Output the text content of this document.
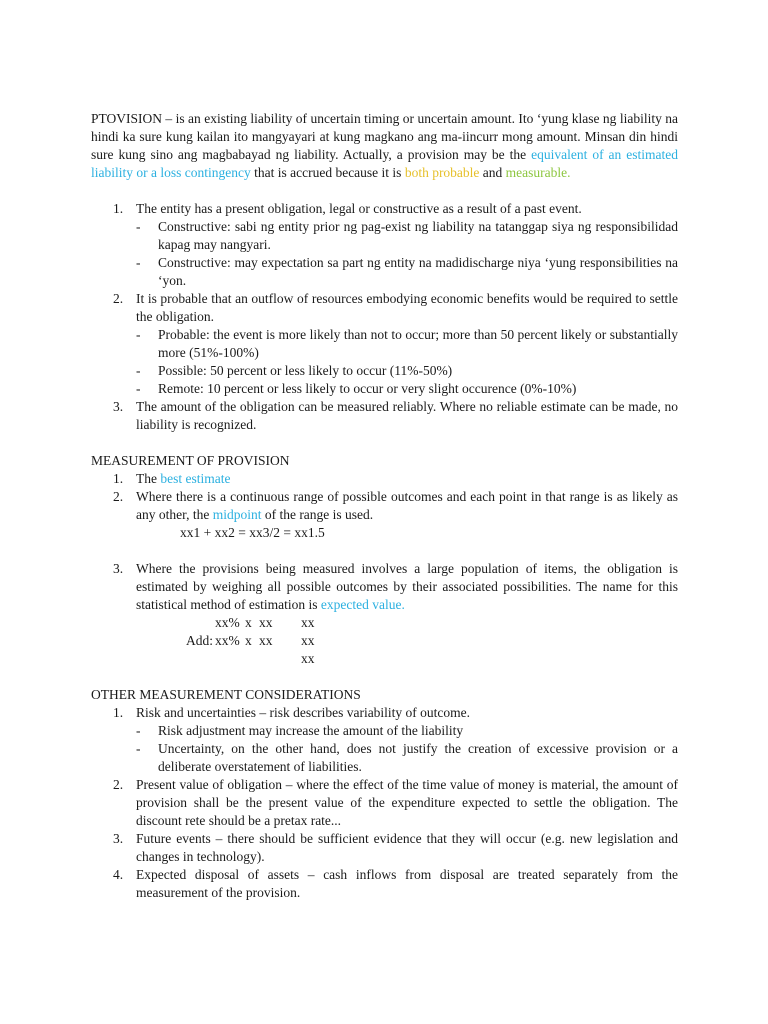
PTOVISION – is an existing liability of uncertain timing or uncertain amount. Ito ‘yung klase ng liability na hindi ka sure kung kailan ito mangyayari at kung magkano ang ma-iincurr mong amount. Minsan din hindi sure kung sino ang magbabayad ng liability. Actually, a provision may be the equivalent of an estimated liability or a loss contingency that is accrued because it is both probable and measurable.

1. The entity has a present obligation, legal or constructive as a result of a past event.
- Constructive: sabi ng entity prior ng pag-exist ng liability na tatanggap siya ng responsibilidad kapag may nangyari.
- Constructive: may expectation sa part ng entity na madidischarge niya ‘yung responsibilities na ‘yon.
2. It is probable that an outflow of resources embodying economic benefits would be required to settle the obligation.
- Probable: the event is more likely than not to occur; more than 50 percent likely or substantially more (51%-100%)
- Possible: 50 percent or less likely to occur (11%-50%)
- Remote: 10 percent or less likely to occur or very slight occurence (0%-10%)
3. The amount of the obligation can be measured reliably. Where no reliable estimate can be made, no liability is recognized.

MEASUREMENT OF PROVISION

1. The best estimate
2. Where there is a continuous range of possible outcomes and each point in that range is as likely as any other, the midpoint of the range is used.

xx1 + xx2 = xx3/2 = xx1.5

3. Where the provisions being measured involves a large population of items, the obligation is estimated by weighing all possible outcomes by their associated possibilities. The name for this statistical method of estimation is expected value.
	xx%	x	xx	xx
Add:	xx%	x	xx	xx
				xx

OTHER MEASUREMENT CONSIDERATIONS

1. Risk and uncertainties – risk describes variability of outcome.
- Risk adjustment may increase the amount of the liability
- Uncertainty, on the other hand, does not justify the creation of excessive provision or a deliberate overstatement of liabilities.
2. Present value of obligation – where the effect of the time value of money is material, the amount of provision shall be the present value of the expenditure expected to settle the obligation. The discount rete should be a pretax rate...
3. Future events – there should be sufficient evidence that they will occur (e.g. new legislation and changes in technology).
4. Expected disposal of assets – cash inflows from disposal are treated separately from the measurement of the provision.
